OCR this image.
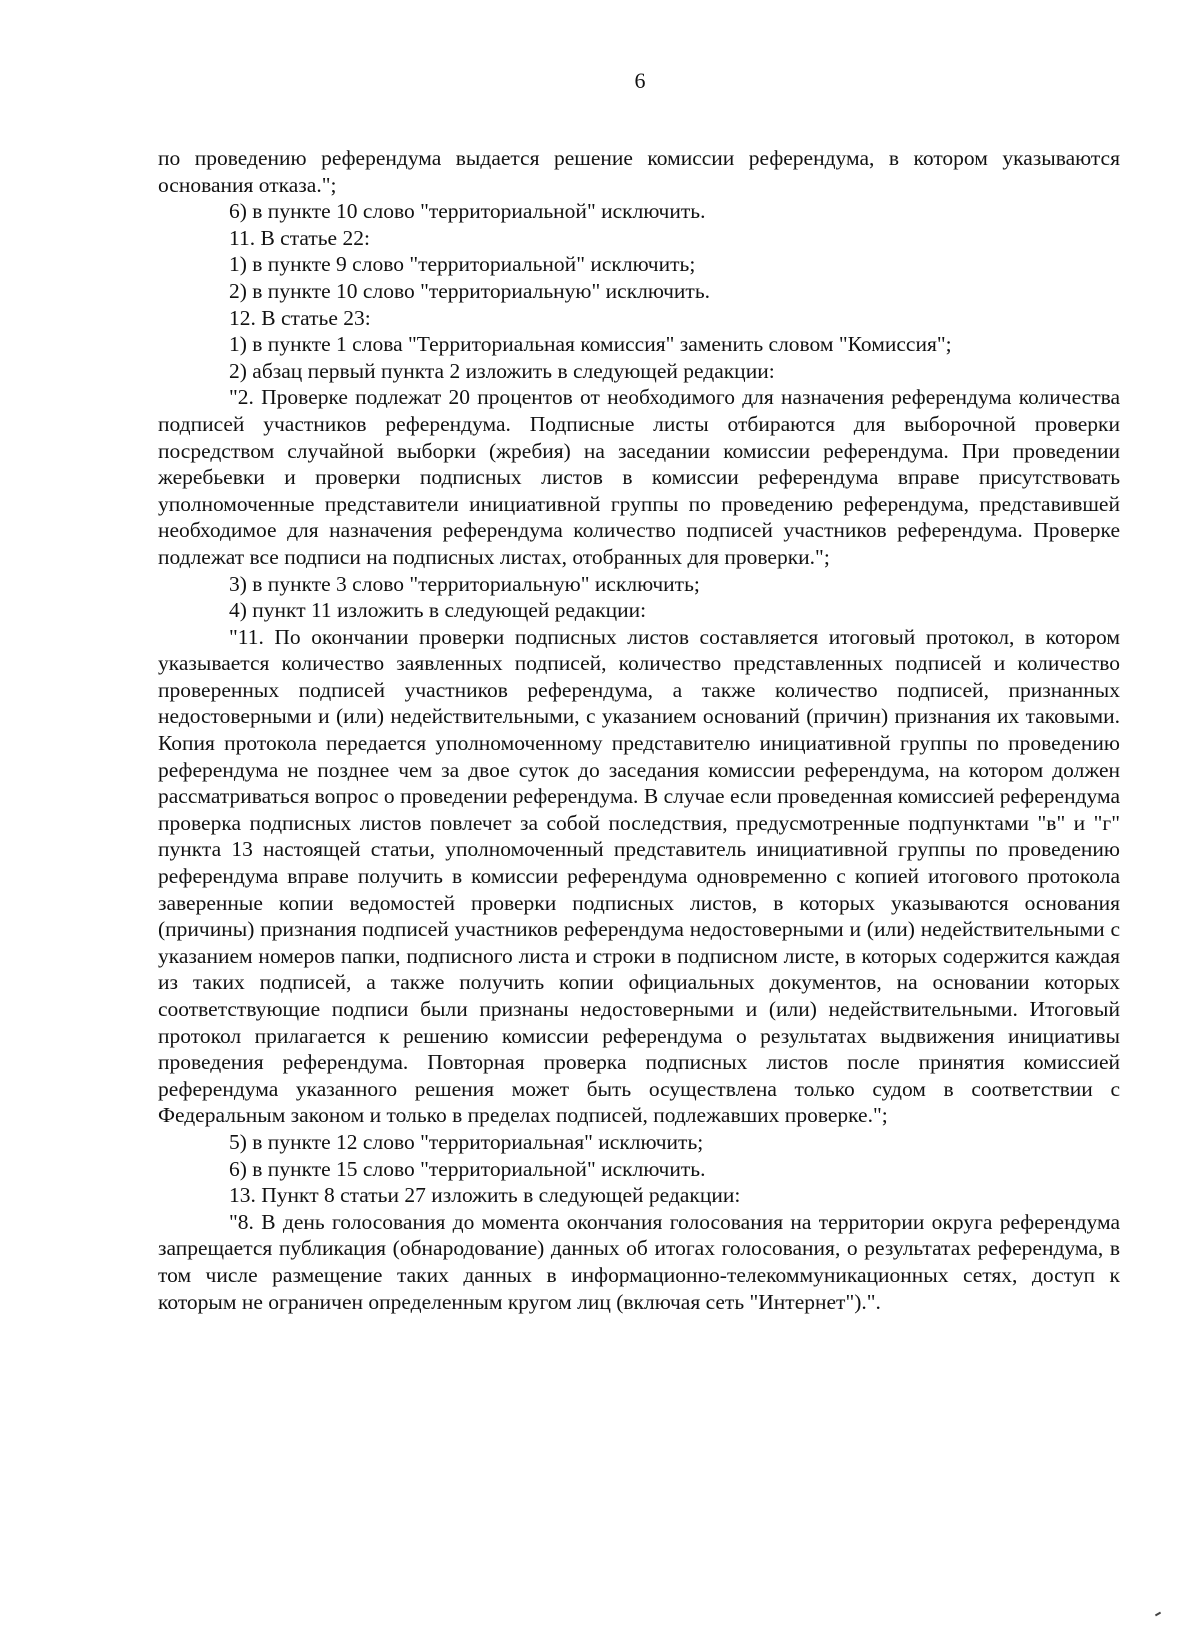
6

по проведению референдума выдается решение комиссии референдума, в котором указываются основания отказа.";

6) в пункте 10 слово "территориальной" исключить.

11. В статье 22:

1) в пункте 9 слово "территориальной" исключить;

2) в пункте 10 слово "территориальную" исключить.

12. В статье 23:

1) в пункте 1 слова "Территориальная комиссия" заменить словом "Комиссия";

2) абзац первый пункта 2 изложить в следующей редакции:

"2. Проверке подлежат 20 процентов от необходимого для назначения референдума количества подписей участников референдума. Подписные листы отбираются для выборочной проверки посредством случайной выборки (жребия) на заседании комиссии референдума. При проведении жеребьевки и проверки подписных листов в комиссии референдума вправе присутствовать уполномоченные представители инициативной группы по проведению референдума, представившей необходимое для назначения референдума количество подписей участников референдума. Проверке подлежат все подписи на подписных листах, отобранных для проверки.";

3) в пункте 3 слово "территориальную" исключить;

4) пункт 11 изложить в следующей редакции:

"11. По окончании проверки подписных листов составляется итоговый протокол, в котором указывается количество заявленных подписей, количество представленных подписей и количество проверенных подписей участников референдума, а также количество подписей, признанных недостоверными и (или) недействительными, с указанием оснований (причин) признания их таковыми. Копия протокола передается уполномоченному представителю инициативной группы по проведению референдума не позднее чем за двое суток до заседания комиссии референдума, на котором должен рассматриваться вопрос о проведении референдума. В случае если проведенная комиссией референдума проверка подписных листов повлечет за собой последствия, предусмотренные подпунктами "в" и "г" пункта 13 настоящей статьи, уполномоченный представитель инициативной группы по проведению референдума вправе получить в комиссии референдума одновременно с копией итогового протокола заверенные копии ведомостей проверки подписных листов, в которых указываются основания (причины) признания подписей участников референдума недостоверными и (или) недействительными с указанием номеров папки, подписного листа и строки в подписном листе, в которых содержится каждая из таких подписей, а также получить копии официальных документов, на основании которых соответствующие подписи были признаны недостоверными и (или) недействительными. Итоговый протокол прилагается к решению комиссии референдума о результатах выдвижения инициативы проведения референдума. Повторная проверка подписных листов после принятия комиссией референдума указанного решения может быть осуществлена только судом в соответствии с Федеральным законом и только в пределах подписей, подлежавших проверке.";

5) в пункте 12 слово "территориальная" исключить;

6) в пункте 15 слово "территориальной" исключить.

13. Пункт 8 статьи 27 изложить в следующей редакции:

"8. В день голосования до момента окончания голосования на территории округа референдума запрещается публикация (обнародование) данных об итогах голосования, о результатах референдума, в том числе размещение таких данных в информационно-телекоммуникационных сетях, доступ к которым не ограничен определенным кругом лиц (включая сеть "Интернет").".
